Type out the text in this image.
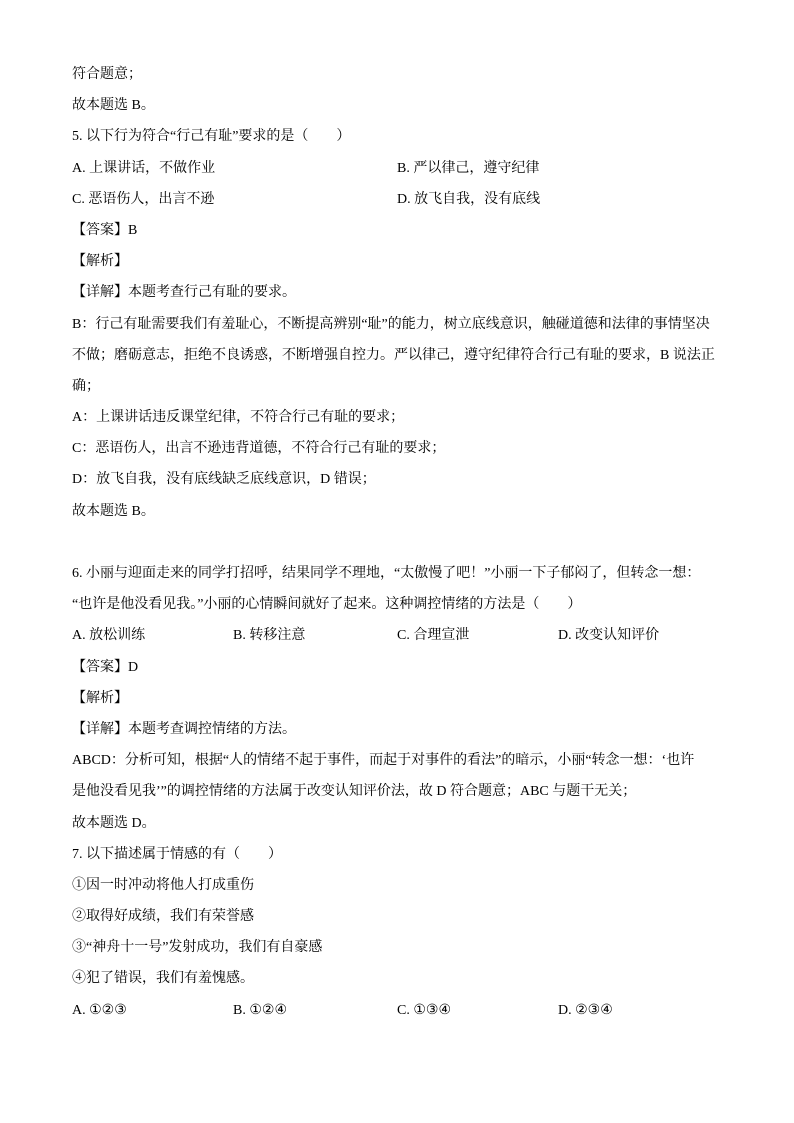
符合题意；
故本题选 B。
5. 以下行为符合“行己有耻”要求的是（　　）
A. 上课讲话，不做作业	B. 严以律己，遵守纪律
C. 恶语伤人，出言不逊	D. 放飞自我，没有底线
【答案】B
【解析】
【详解】本题考查行己有耻的要求。
B：行己有耻需要我们有羞耻心，不断提高辨别“耻”的能力，树立底线意识，触碰道德和法律的事情坚决
不做；磨砺意志，拒绝不良诱惑，不断增强自控力。严以律己，遵守纪律符合行己有耻的要求，B 说法正
确；
A：上课讲话违反课堂纪律，不符合行己有耻的要求；
C：恶语伤人，出言不逊违背道德，不符合行己有耻的要求；
D：放飞自我，没有底线缺乏底线意识，D 错误；
故本题选 B。
6. 小丽与迎面走来的同学打招呼，结果同学不理地，“太傲慢了吧！”小丽一下子郁闷了，但转念一想：
“也许是他没看见我。”小丽的心情瞬间就好了起来。这种调控情绪的方法是（　　）
A. 放松训练	B. 转移注意	C. 合理宣泄	D. 改变认知评价
【答案】D
【解析】
【详解】本题考查调控情绪的方法。
ABCD：分析可知，根据“人的情绪不起于事件，而起于对事件的看法”的暗示，小丽“转念一想：‘也许
是他没看见我’”的调控情绪的方法属于改变认知评价法，故 D 符合题意；ABC 与题干无关；
故本题选 D。
7. 以下描述属于情感的有（　　）
①因一时冲动将他人打成重伤
②取得好成绩，我们有荣誉感
③“神舟十一号”发射成功，我们有自豪感
④犯了错误，我们有羞愧感。
A. ①②③	B. ①②④	C. ①③④	D. ②③④
